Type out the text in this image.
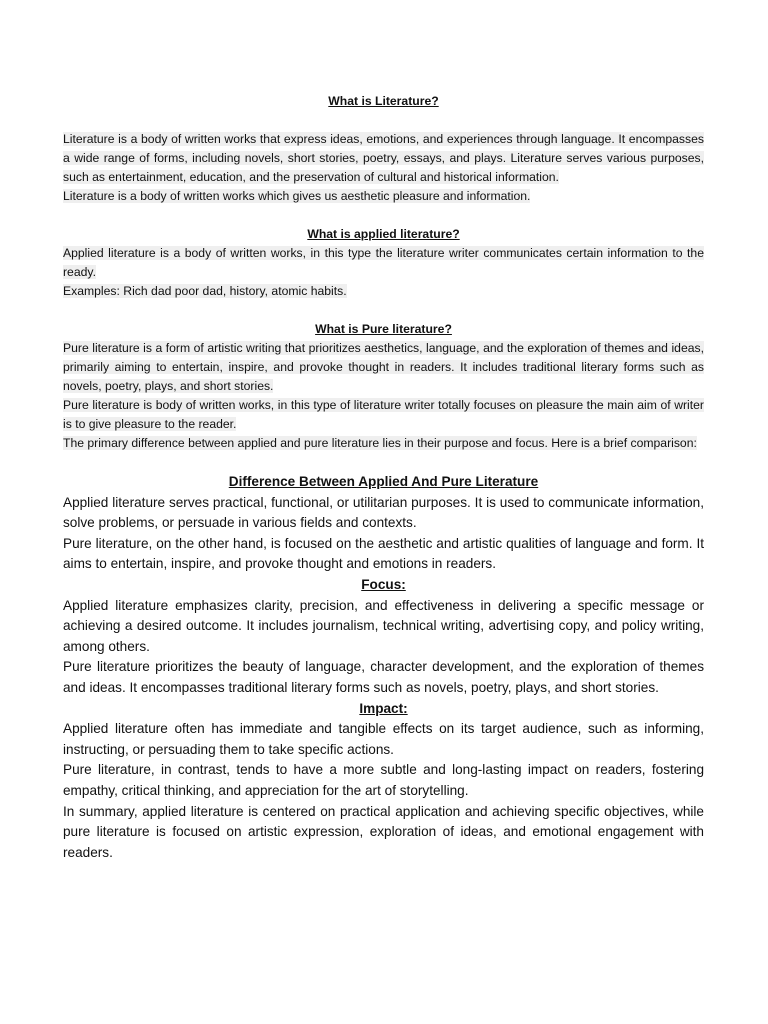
What is Literature?

Literature is a body of written works that express ideas, emotions, and experiences through language. It encompasses a wide range of forms, including novels, short stories, poetry, essays, and plays. Literature serves various purposes, such as entertainment, education, and the preservation of cultural and historical information.

Literature is a body of written works which gives us aesthetic pleasure and information.

What is applied literature?

Applied literature is a body of written works, in this type the literature writer communicates certain information to the ready.

Examples: Rich dad poor dad, history, atomic habits.

What is Pure literature?

Pure literature is a form of artistic writing that prioritizes aesthetics, language, and the exploration of themes and ideas, primarily aiming to entertain, inspire, and provoke thought in readers. It includes traditional literary forms such as novels, poetry, plays, and short stories.

Pure literature is body of written works, in this type of literature writer totally focuses on pleasure the main aim of writer is to give pleasure to the reader.

The primary difference between applied and pure literature lies in their purpose and focus. Here is a brief comparison:

Difference Between Applied And Pure Literature

Applied literature serves practical, functional, or utilitarian purposes. It is used to communicate information, solve problems, or persuade in various fields and contexts.

Pure literature, on the other hand, is focused on the aesthetic and artistic qualities of language and form. It aims to entertain, inspire, and provoke thought and emotions in readers.

Focus:

Applied literature emphasizes clarity, precision, and effectiveness in delivering a specific message or achieving a desired outcome. It includes journalism, technical writing, advertising copy, and policy writing, among others.

Pure literature prioritizes the beauty of language, character development, and the exploration of themes and ideas. It encompasses traditional literary forms such as novels, poetry, plays, and short stories.

Impact:

Applied literature often has immediate and tangible effects on its target audience, such as informing, instructing, or persuading them to take specific actions.

Pure literature, in contrast, tends to have a more subtle and long-lasting impact on readers, fostering empathy, critical thinking, and appreciation for the art of storytelling.

In summary, applied literature is centered on practical application and achieving specific objectives, while pure literature is focused on artistic expression, exploration of ideas, and emotional engagement with readers.
